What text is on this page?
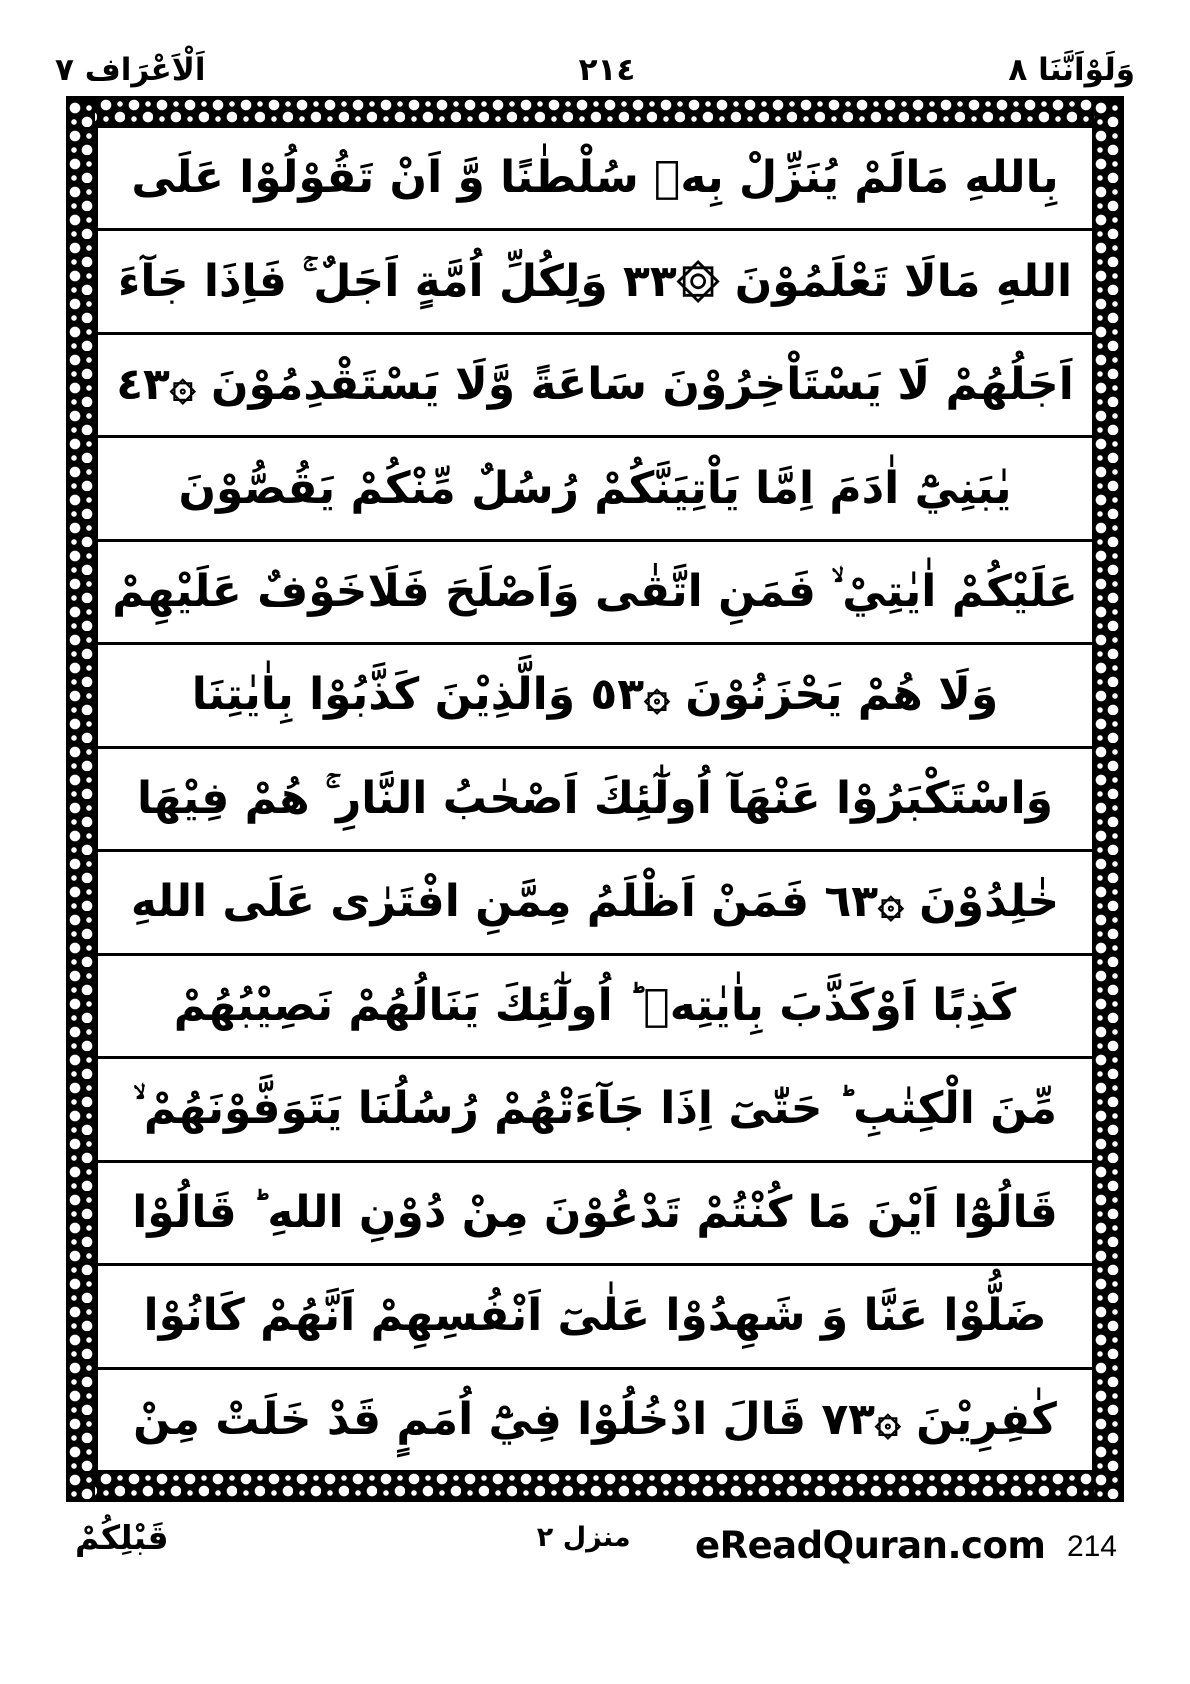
اَلْاَعْرَاف ٧	٢١٤	وَلَوْاَنَّنَا ٨
بِاللهِ مَالَمْ يُنَزِّلْ بِهٖ سُلْطٰنًا وَّ اَنْ تَقُوْلُوْا عَلَى
اللهِ مَالَا تَعْلَمُوْنَ ۞٣٣ وَلِكُلِّ اُمَّةٍ اَجَلٌ ۚ فَاِذَا جَآءَ
اَجَلُهُمْ لَا يَسْتَاْخِرُوْنَ سَاعَةً وَّلَا يَسْتَقْدِمُوْنَ ۞٣٤
يٰبَنِيْٓ اٰدَمَ اِمَّا يَاْتِيَنَّكُمْ رُسُلٌ مِّنْكُمْ يَقُصُّوْنَ
عَلَيْكُمْ اٰيٰتِيْ ۙ فَمَنِ اتَّقٰى وَاَصْلَحَ فَلَاخَوْفٌ عَلَيْهِمْ
وَلَا هُمْ يَحْزَنُوْنَ ۞٣٥ وَالَّذِيْنَ كَذَّبُوْا بِاٰيٰتِنَا
وَاسْتَكْبَرُوْا عَنْهَآ اُولٰٓئِكَ اَصْحٰبُ النَّارِ ۚ هُمْ فِيْهَا
خٰلِدُوْنَ ۞٣٦ فَمَنْ اَظْلَمُ مِمَّنِ افْتَرٰى عَلَى اللهِ
كَذِبًا اَوْكَذَّبَ بِاٰيٰتِهٖ ؕ اُولٰٓئِكَ يَنَالُهُمْ نَصِيْبُهُمْ
مِّنَ الْكِتٰبِ ؕ حَتّٰىٓ اِذَا جَآءَتْهُمْ رُسُلُنَا يَتَوَفَّوْنَهُمْ ۙ
قَالُوْٓا اَيْنَ مَا كُنْتُمْ تَدْعُوْنَ مِنْ دُوْنِ اللهِ ؕ قَالُوْا
ضَلُّوْا عَنَّا وَ شَهِدُوْا عَلٰىٓ اَنْفُسِهِمْ اَنَّهُمْ كَانُوْا
كٰفِرِيْنَ ۞٣٧ قَالَ ادْخُلُوْا فِيْٓ اُمَمٍ قَدْ خَلَتْ مِنْ
قَبْلِكُمْ	منزل ٢ eReadQuran.com 214
